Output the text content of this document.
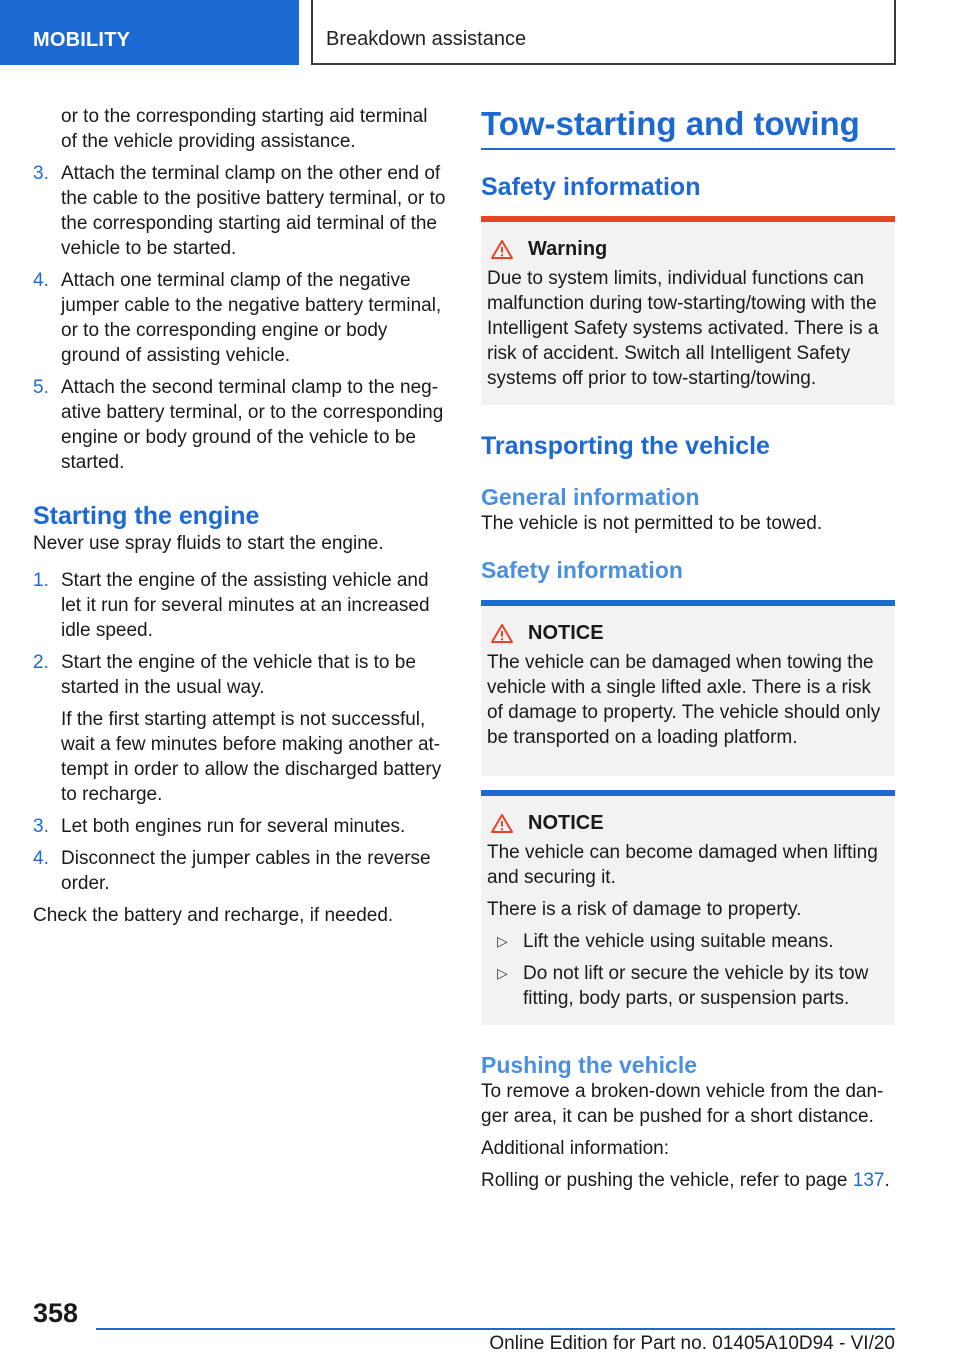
MOBILITY	Breakdown assistance
or to the corresponding starting aid terminal of the vehicle providing assistance.
3. Attach the terminal clamp on the other end of the cable to the positive battery terminal, or to the corresponding starting aid terminal of the vehicle to be started.
4. Attach one terminal clamp of the negative jumper cable to the negative battery terminal, or to the corresponding engine or body ground of assisting vehicle.
5. Attach the second terminal clamp to the neg‐ ative battery terminal, or to the corresponding engine or body ground of the vehicle to be started.
Starting the engine
Never use spray fluids to start the engine.
1. Start the engine of the assisting vehicle and let it run for several minutes at an increased idle speed.
2. Start the engine of the vehicle that is to be started in the usual way.
If the first starting attempt is not successful, wait a few minutes before making another at‐ tempt in order to allow the discharged battery to recharge.
3. Let both engines run for several minutes.
4. Disconnect the jumper cables in the reverse order.
Check the battery and recharge, if needed.
Tow-starting and towing
Safety information
Warning

Due to system limits, individual functions can malfunction during tow-starting/towing with the Intelligent Safety systems activated. There is a risk of accident. Switch all Intelligent Safety systems off prior to tow-starting/towing.

Transporting the vehicle
General information
The vehicle is not permitted to be towed.
Safety information
NOTICE

The vehicle can be damaged when towing the vehicle with a single lifted axle. There is a risk of damage to property. The vehicle should only be transported on a loading platform.

NOTICE

The vehicle can become damaged when lifting and securing it.

There is a risk of damage to property.

▷ Lift the vehicle using suitable means.
▷ Do not lift or secure the vehicle by its tow fitting, body parts, or suspension parts.
Pushing the vehicle
To remove a broken-down vehicle from the dan‐ ger area, it can be pushed for a short distance.
Additional information:
Rolling or pushing the vehicle, refer to page 137.
358
Online Edition for Part no. 01405A10D94 - VI/20
